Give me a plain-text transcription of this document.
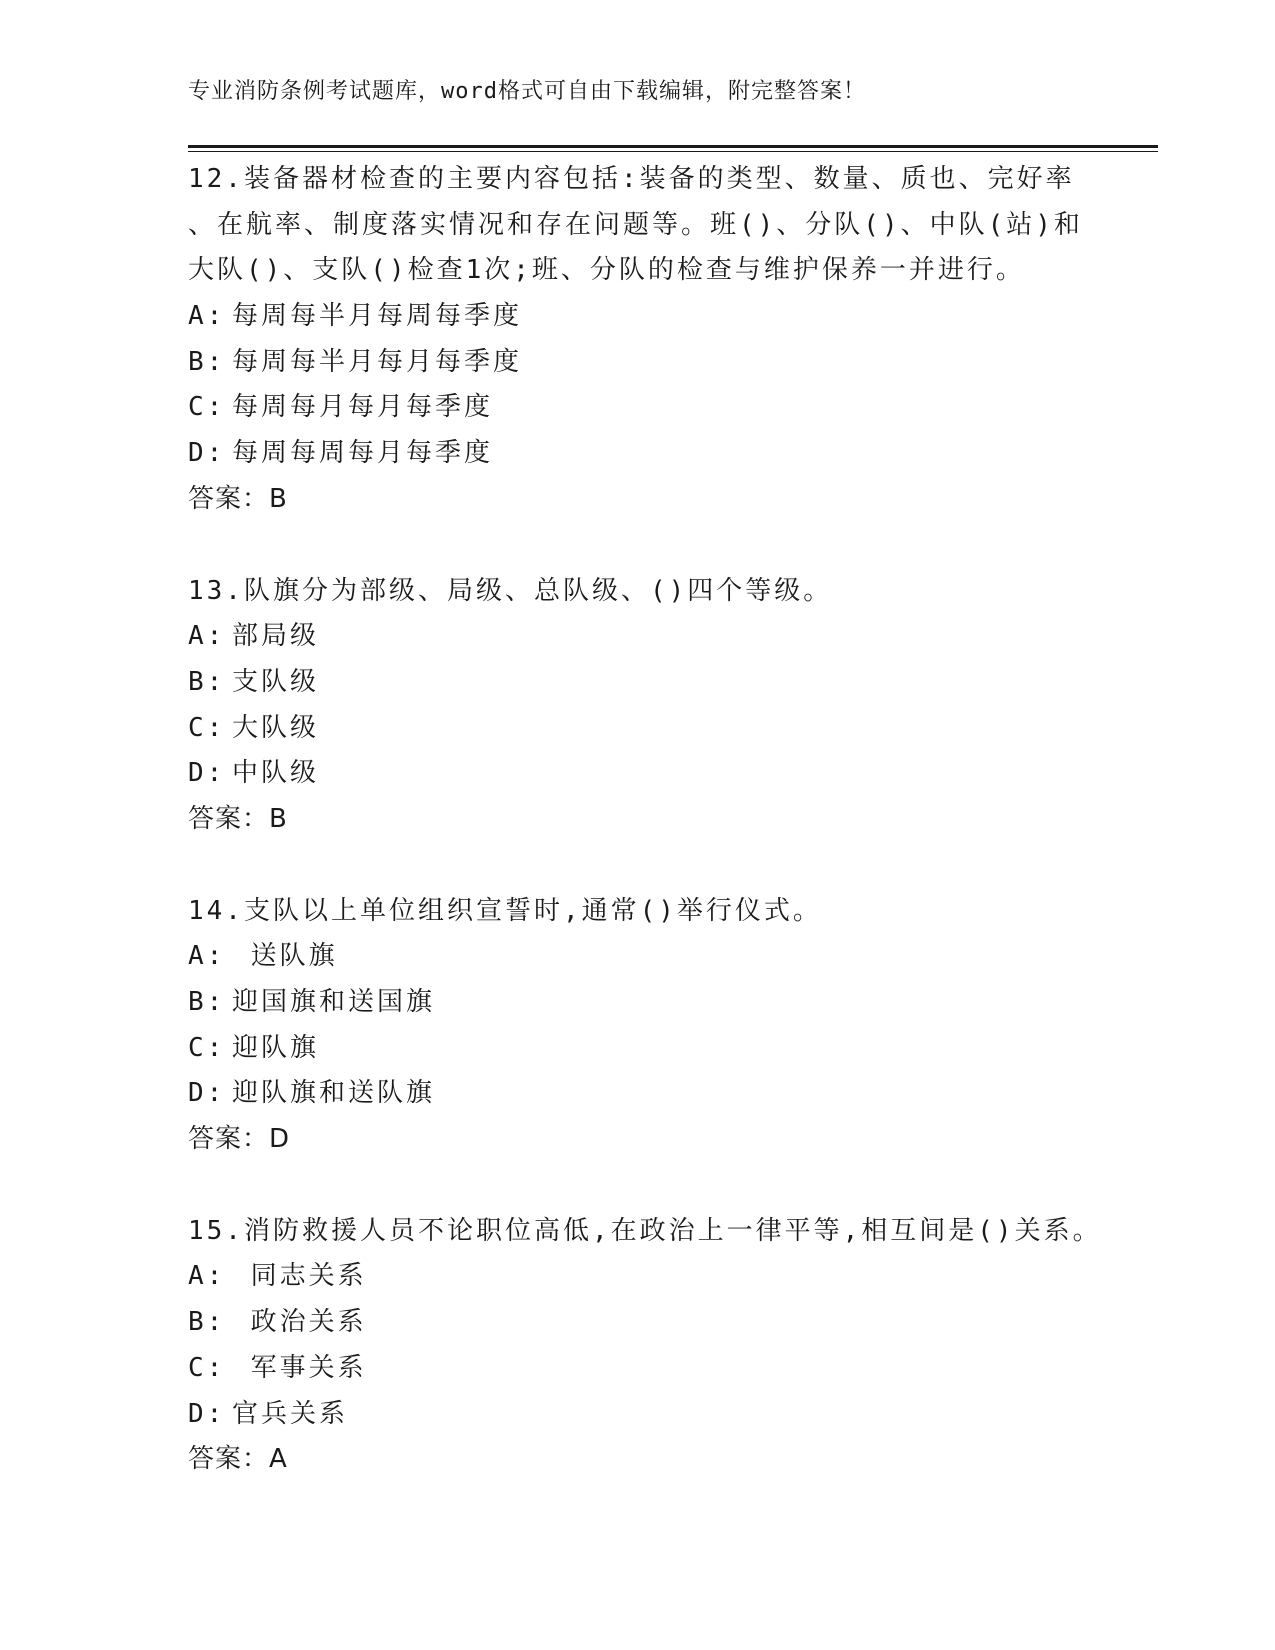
专业消防条例考试题库，word格式可自由下载编辑，附完整答案！
12.装备器材检查的主要内容包括:装备的类型、数量、质也、完好率
、在航率、制度落实情况和存在问题等。班()、分队()、中队(站)和
大队()、支队()检查1次;班、分队的检查与维护保养一并进行。
A: 每周每半月每周每季度
B: 每周每半月每月每季度
C: 每周每月每月每季度
D: 每周每周每月每季度
答案：B
13.队旗分为部级、局级、总队级、()四个等级。
A: 部局级
B: 支队级
C: 大队级
D: 中队级
答案：B
14.支队以上单位组织宣誓时,通常()举行仪式。
A: 送队旗
B: 迎国旗和送国旗
C: 迎队旗
D: 迎队旗和送队旗
答案：D
15.消防救援人员不论职位高低,在政治上一律平等,相互间是()关系。
A: 同志关系
B: 政治关系
C: 军事关系
D: 官兵关系
答案：A
